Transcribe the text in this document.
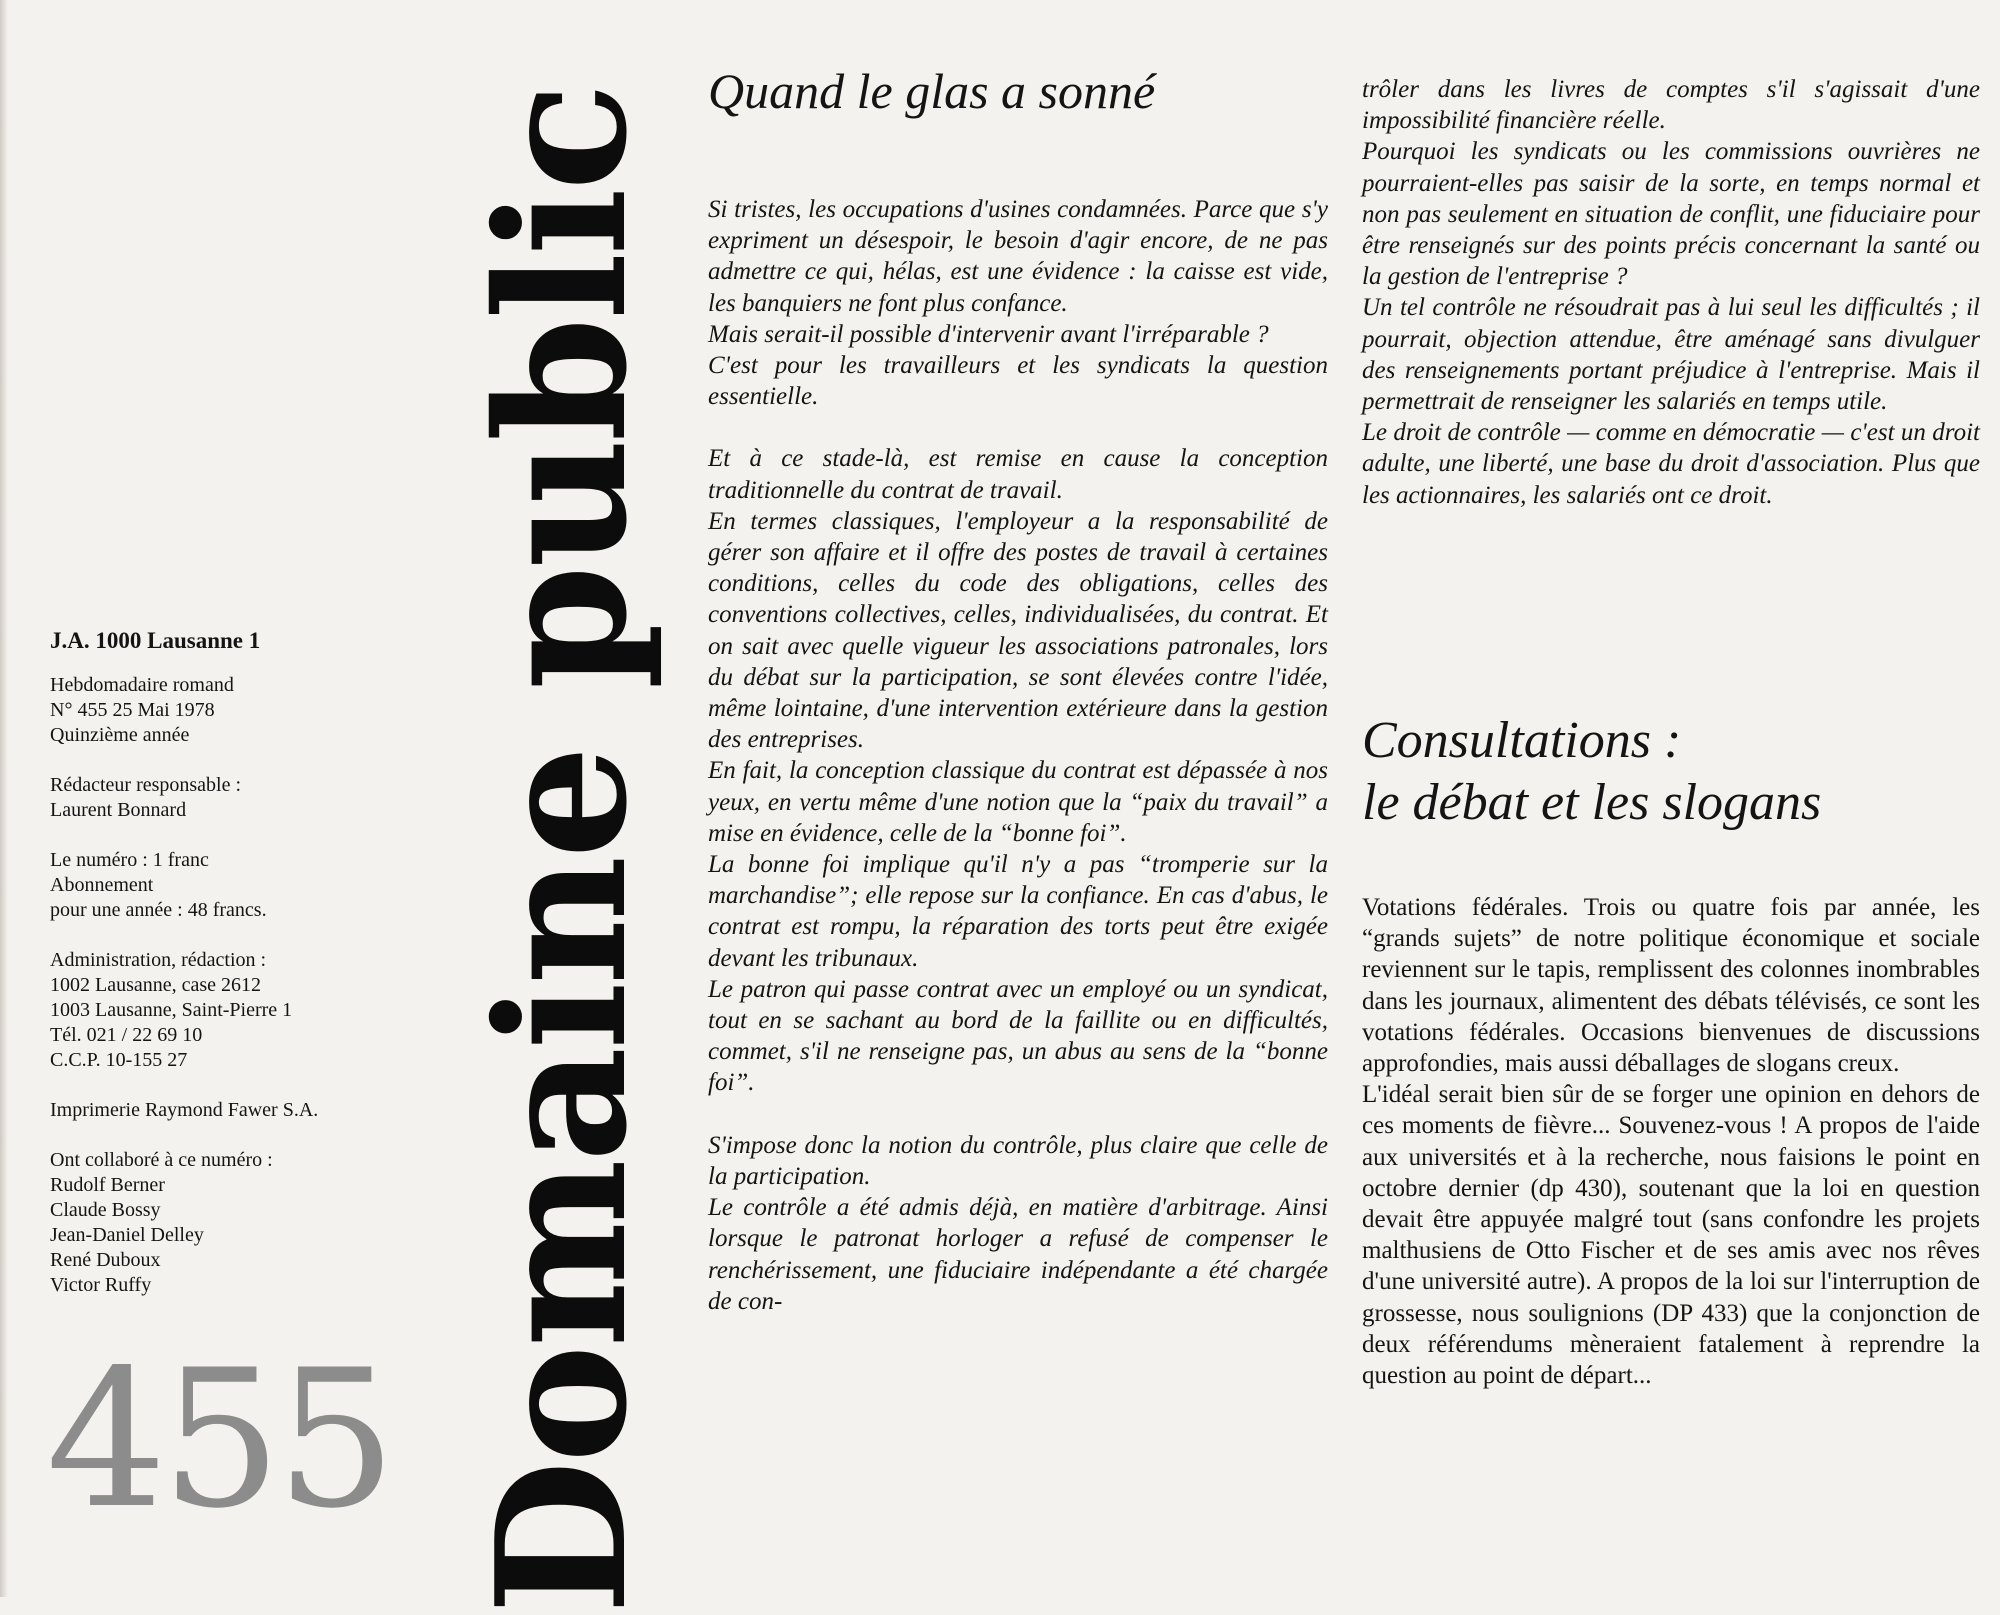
J.A. 1000 Lausanne 1
Hebdomadaire romand
N° 455 25 Mai 1978
Quinzième année
Rédacteur responsable :
Laurent Bonnard
Le numéro : 1 franc
Abonnement
pour une année : 48 francs.
Administration, rédaction :
1002 Lausanne, case 2612
1003 Lausanne, Saint-Pierre 1
Tél. 021 / 22 69 10
C.C.P. 10-155 27
Imprimerie Raymond Fawer S.A.
Ont collaboré à ce numéro :
Rudolf Berner
Claude Bossy
Jean-Daniel Delley
René Duboux
Victor Ruffy
455 Domaine public Quand le glas a sonné

Si tristes, les occupations d'usines condamnées. Parce que s'y expriment un désespoir, le besoin d'agir encore, de ne pas admettre ce qui, hélas, est une évidence : la caisse est vide, les banquiers ne font plus confance.

Mais serait-il possible d'intervenir avant l'irréparable ?

C'est pour les travailleurs et les syndicats la question essentielle.

Et à ce stade-là, est remise en cause la conception traditionnelle du contrat de travail.

En termes classiques, l'employeur a la responsabilité de gérer son affaire et il offre des postes de travail à certaines conditions, celles du code des obligations, celles des conventions collectives, celles, individualisées, du contrat. Et on sait avec quelle vigueur les associations patronales, lors du débat sur la participation, se sont élevées contre l'idée, même lointaine, d'une intervention extérieure dans la gestion des entreprises.

En fait, la conception classique du contrat est dépassée à nos yeux, en vertu même d'une notion que la “paix du travail” a mise en évidence, celle de la “bonne foi”.

La bonne foi implique qu'il n'y a pas “tromperie sur la marchandise”; elle repose sur la confiance. En cas d'abus, le contrat est rompu, la réparation des torts peut être exigée devant les tribunaux.

Le patron qui passe contrat avec un employé ou un syndicat, tout en se sachant au bord de la faillite ou en difficultés, commet, s'il ne renseigne pas, un abus au sens de la “bonne foi”.

S'impose donc la notion du contrôle, plus claire que celle de la participation.

Le contrôle a été admis déjà, en matière d'arbitrage. Ainsi lorsque le patronat horloger a refusé de compenser le renchérissement, une fiduciaire indépendante a été chargée de con-

trôler dans les livres de comptes s'il s'agissait d'une impossibilité financière réelle.

Pourquoi les syndicats ou les commissions ouvrières ne pourraient-elles pas saisir de la sorte, en temps normal et non pas seulement en situation de conflit, une fiduciaire pour être renseignés sur des points précis concernant la santé ou la gestion de l'entreprise ?

Un tel contrôle ne résoudrait pas à lui seul les difficultés ; il pourrait, objection attendue, être aménagé sans divulguer des renseignements portant préjudice à l'entreprise. Mais il permettrait de renseigner les salariés en temps utile.

Le droit de contrôle — comme en démocratie — c'est un droit adulte, une liberté, une base du droit d'association. Plus que les actionnaires, les salariés ont ce droit.

Consultations :
le débat et les slogans

Votations fédérales. Trois ou quatre fois par année, les “grands sujets” de notre politique économique et sociale reviennent sur le tapis, remplissent des colonnes inombrables dans les journaux, alimentent des débats télévisés, ce sont les votations fédérales. Occasions bienvenues de discussions approfondies, mais aussi déballages de slogans creux.

L'idéal serait bien sûr de se forger une opinion en dehors de ces moments de fièvre... Souvenez-vous ! A propos de l'aide aux universités et à la recherche, nous faisions le point en octobre dernier (dp 430), soutenant que la loi en question devait être appuyée malgré tout (sans confondre les projets malthusiens de Otto Fischer et de ses amis avec nos rêves d'une université autre). A propos de la loi sur l'interruption de grossesse, nous soulignions (DP 433) que la conjonction de deux référendums mèneraient fatalement à reprendre la question au point de départ...
